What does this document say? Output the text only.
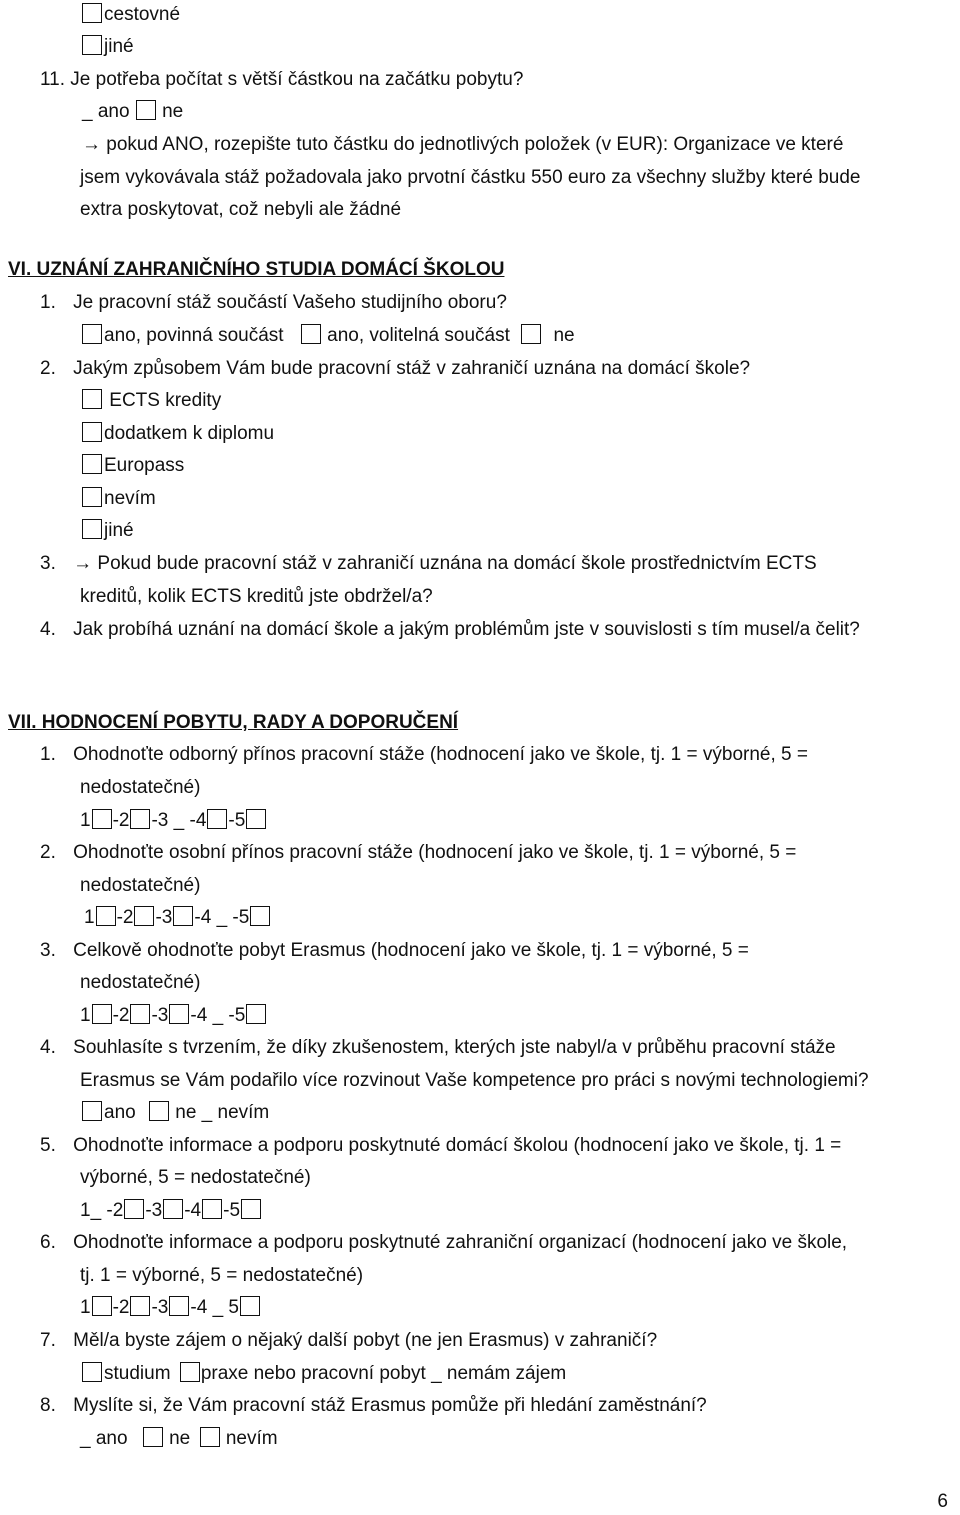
cestovné
jiné
11. Je potřeba počítat s větší částkou na začátku pobytu?
_ ano ne
→ pokud ANO, rozepište tuto částku do jednotlivých položek (v EUR): Organizace ve které
jsem vykovávala stáž požadovala jako prvotní částku 550 euro za všechny služby které bude
extra poskytovat, což nebyli ale žádné
VI. UZNÁNÍ ZAHRANIČNÍHO STUDIA DOMÁCÍ ŠKOLOU
1. Je pracovní stáž součástí Vašeho studijního oboru?
ano, povinná součást ano, volitelná součást ne
2. Jakým způsobem Vám bude pracovní stáž v zahraničí uznána na domácí škole?
ECTS kredity
dodatkem k diplomu
Europass
nevím
jiné
3. → Pokud bude pracovní stáž v zahraničí uznána na domácí škole prostřednictvím ECTS
kreditů, kolik ECTS kreditů jste obdržel/a?
4. Jak probíhá uznání na domácí škole a jakým problémům jste v souvislosti s tím musel/a čelit?
VII. HODNOCENÍ POBYTU, RADY A DOPORUČENÍ
1. Ohodnoťte odborný přínos pracovní stáže (hodnocení jako ve škole, tj. 1 = výborné, 5 =
nedostatečné)
1 -2 -3 _ -4 -5
2. Ohodnoťte osobní přínos pracovní stáže (hodnocení jako ve škole, tj. 1 = výborné, 5 =
nedostatečné)
1 -2 -3 -4 _ -5
3. Celkově ohodnoťte pobyt Erasmus (hodnocení jako ve škole, tj. 1 = výborné, 5 =
nedostatečné)
1 -2 -3 -4 _ -5
4. Souhlasíte s tvrzením, že díky zkušenostem, kterých jste nabyl/a v průběhu pracovní stáže
Erasmus se Vám podařilo více rozvinout Vaše kompetence pro práci s novými technologiemi?
ano ne _ nevím
5. Ohodnoťte informace a podporu poskytnuté domácí školou (hodnocení jako ve škole, tj. 1 =
výborné, 5 = nedostatečné)
1_ -2 -3 -4 -5
6. Ohodnoťte informace a podporu poskytnuté zahraniční organizací (hodnocení jako ve škole,
tj. 1 = výborné, 5 = nedostatečné)
1 -2 -3 -4 _ 5
7. Měl/a byste zájem o nějaký další pobyt (ne jen Erasmus) v zahraničí?
studium praxe nebo pracovní pobyt _ nemám zájem
8. Myslíte si, že Vám pracovní stáž Erasmus pomůže při hledání zaměstnání?
_ ano ne nevím
6
